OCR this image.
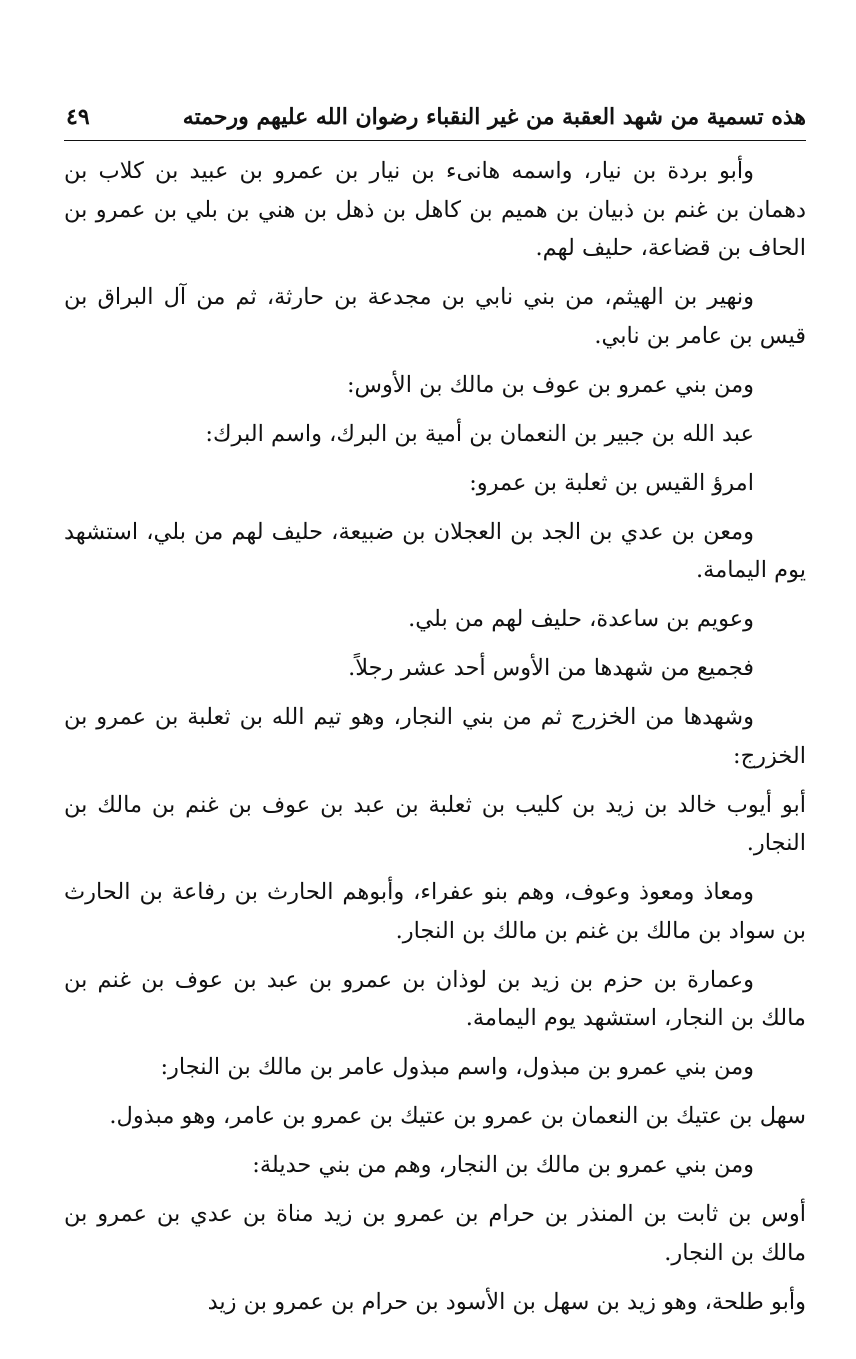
هذه تسمية من شهد العقبة من غير النقباء رضوان الله عليهم ورحمته
٤٩

وأبو بردة بن نيار، واسمه هانىء بن نيار بن عمرو بن عبيد بن كلاب بن دهمان بن غنم بن ذبيان بن هميم بن كاهل بن ذهل بن هني بن بلي بن عمرو بن الحاف بن قضاعة، حليف لهم.

ونهير بن الهيثم، من بني نابي بن مجدعة بن حارثة، ثم من آل البراق بن قيس بن عامر بن نابي.

ومن بني عمرو بن عوف بن مالك بن الأوس:

عبد الله بن جبير بن النعمان بن أمية بن البرك، واسم البرك:

امرؤ القيس بن ثعلبة بن عمرو:

ومعن بن عدي بن الجد بن العجلان بن ضبيعة، حليف لهم من بلي، استشهد يوم اليمامة.

وعويم بن ساعدة، حليف لهم من بلي.

فجميع من شهدها من الأوس أحد عشر رجلاً.

وشهدها من الخزرج ثم من بني النجار، وهو تيم الله بن ثعلبة بن عمرو بن الخزرج:

أبو أيوب خالد بن زيد بن كليب بن ثعلبة بن عبد بن عوف بن غنم بن مالك بن النجار.

ومعاذ ومعوذ وعوف، وهم بنو عفراء، وأبوهم الحارث بن رفاعة بن الحارث بن سواد بن مالك بن غنم بن مالك بن النجار.

وعمارة بن حزم بن زيد بن لوذان بن عمرو بن عبد بن عوف بن غنم بن مالك بن النجار، استشهد يوم اليمامة.

ومن بني عمرو بن مبذول، واسم مبذول عامر بن مالك بن النجار:

سهل بن عتيك بن النعمان بن عمرو بن عتيك بن عمرو بن عامر، وهو مبذول.

ومن بني عمرو بن مالك بن النجار، وهم من بني حديلة:

أوس بن ثابت بن المنذر بن حرام بن عمرو بن زيد مناة بن عدي بن عمرو بن مالك بن النجار.

وأبو طلحة، وهو زيد بن سهل بن الأسود بن حرام بن عمرو بن زيد
